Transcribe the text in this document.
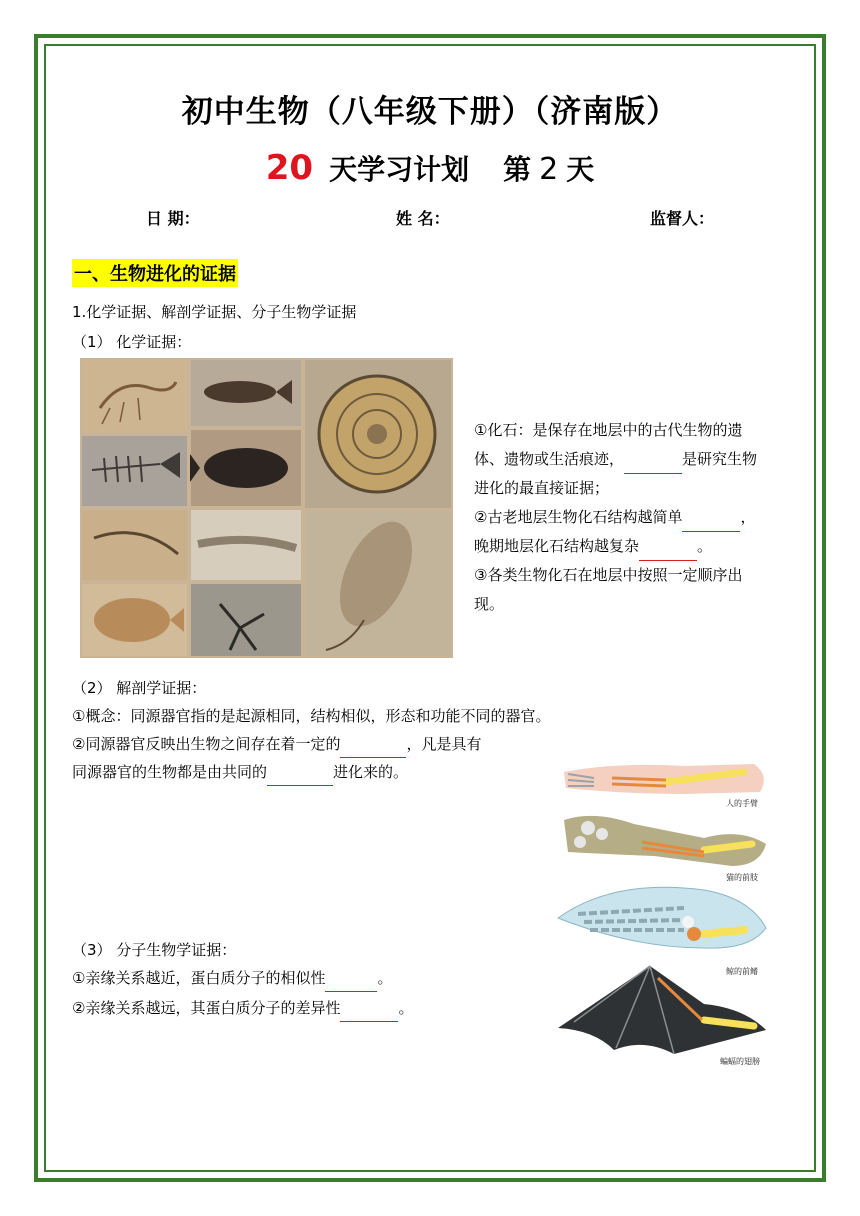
初中生物（八年级下册）（济南版）
20 天学习计划 第 2 天
日 期：	姓 名：	监督人：
一、生物进化的证据
1.化学证据、解剖学证据、分子生物学证据
（1） 化学证据：
①化石：是保存在地层中的古代生物的遗
体、遗物或生活痕迹，	是研究生物
进化的最直接证据；
②古老地层生物化石结构越简单	，
晚期地层化石结构越复杂	。
③各类生物化石在地层中按照一定顺序出
现。
（2） 解剖学证据：
①概念：同源器官指的是起源相同，结构相似，形态和功能不同的器官。
②同源器官反映出生物之间存在着一定的	，凡是具有
同源器官的生物都是由共同的	进化来的。
人的手臂
猫的前肢
鲸的前鳍
蝙蝠的翅膀
（3） 分子生物学证据：
①亲缘关系越近，蛋白质分子的相似性	。
②亲缘关系越远，其蛋白质分子的差异性	。
